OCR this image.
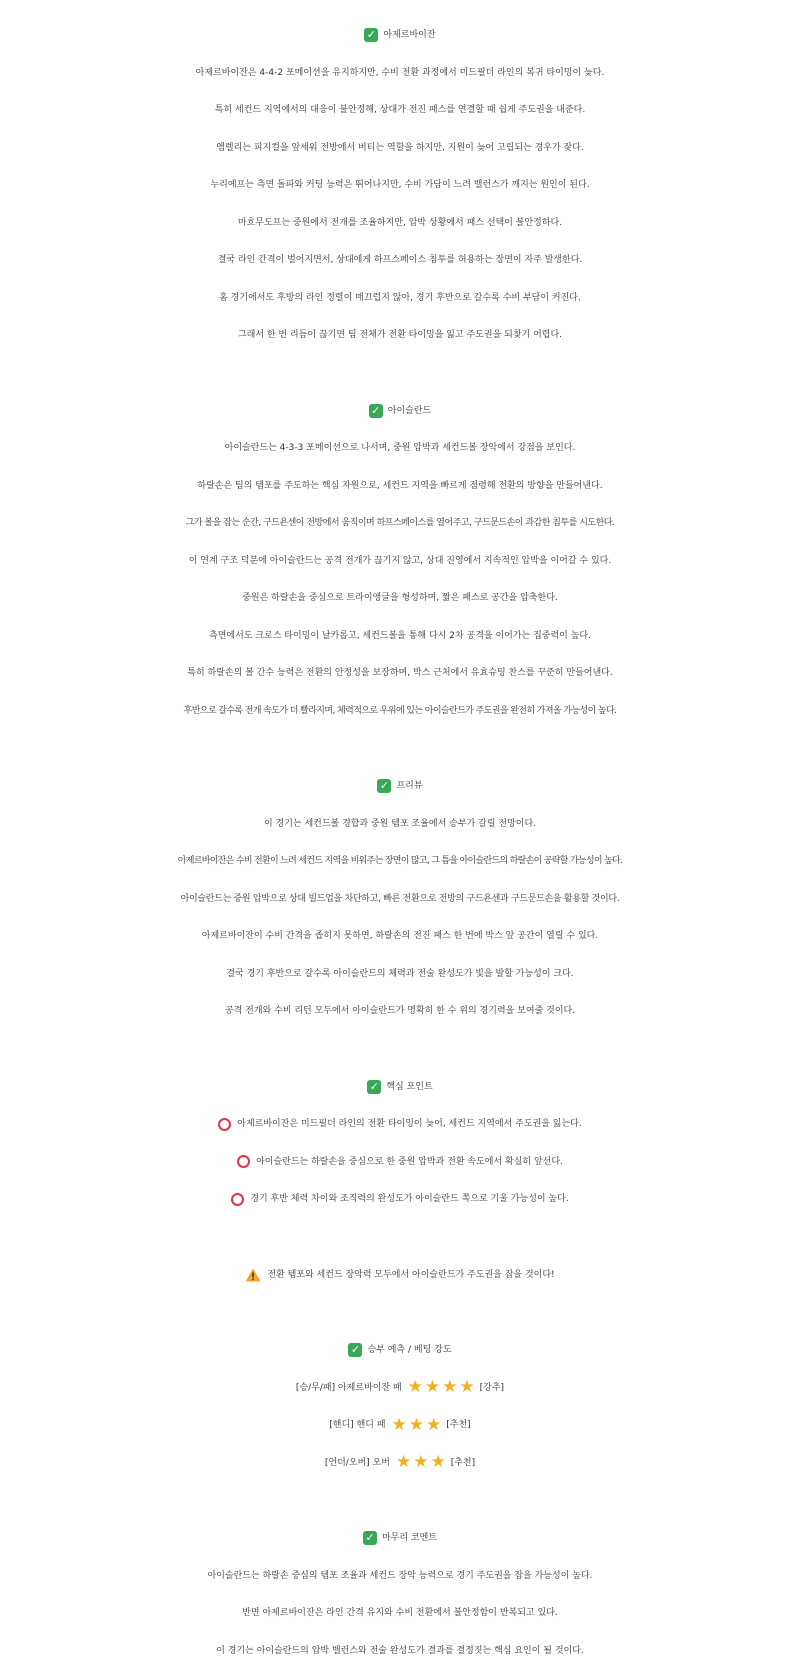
✓ 아제르바이잔
아제르바이잔은 4-4-2 포메이션을 유지하지만, 수비 전환 과정에서 미드필더 라인의 복귀 타이밍이 늦다.
특히 세컨드 지역에서의 대응이 불안정해, 상대가 전진 패스를 연결할 때 쉽게 주도권을 내준다.
엠렐리는 피지컬을 앞세워 전방에서 버티는 역할을 하지만, 지원이 늦어 고립되는 경우가 잦다.
누리예프는 측면 돌파와 커팅 능력은 뛰어나지만, 수비 가담이 느려 밸런스가 깨지는 원인이 된다.
마흐무도프는 중원에서 전개를 조율하지만, 압박 상황에서 패스 선택이 불안정하다.
결국 라인 간격이 벌어지면서, 상대에게 하프스페이스 침투를 허용하는 장면이 자주 발생한다.
홈 경기에서도 후방의 라인 정렬이 매끄럽지 않아, 경기 후반으로 갈수록 수비 부담이 커진다.
그래서 한 번 리듬이 끊기면 팀 전체가 전환 타이밍을 잃고 주도권을 되찾기 어렵다.
✓ 아이슬란드
아이슬란드는 4-3-3 포메이션으로 나서며, 중원 압박과 세컨드볼 장악에서 강점을 보인다.
하랄손은 팀의 템포를 주도하는 핵심 자원으로, 세컨드 지역을 빠르게 점령해 전환의 방향을 만들어낸다.
그가 볼을 잡는 순간, 구드욘센이 전방에서 움직이며 하프스페이스를 열어주고, 구드문드손이 과감한 침투를 시도한다.
이 연계 구조 덕분에 아이슬란드는 공격 전개가 끊기지 않고, 상대 진영에서 지속적인 압박을 이어갈 수 있다.
중원은 하랄손을 중심으로 트라이앵글을 형성하며, 짧은 패스로 공간을 압축한다.
측면에서도 크로스 타이밍이 날카롭고, 세컨드볼을 통해 다시 2차 공격을 이어가는 집중력이 높다.
특히 하랄손의 볼 간수 능력은 전환의 안정성을 보장하며, 박스 근처에서 유효슈팅 찬스를 꾸준히 만들어낸다.
후반으로 갈수록 전개 속도가 더 빨라지며, 체력적으로 우위에 있는 아이슬란드가 주도권을 완전히 가져올 가능성이 높다.
✓ 프리뷰
이 경기는 세컨드볼 경합과 중원 템포 조율에서 승부가 갈릴 전망이다.
아제르바이잔은 수비 전환이 느려 세컨드 지역을 비워주는 장면이 많고, 그 틈을 아이슬란드의 하랄손이 공략할 가능성이 높다.
아이슬란드는 중원 압박으로 상대 빌드업을 차단하고, 빠른 전환으로 전방의 구드욘센과 구드문드손을 활용할 것이다.
아제르바이잔이 수비 간격을 좁히지 못하면, 하랄손의 전진 패스 한 번에 박스 앞 공간이 열릴 수 있다.
결국 경기 후반으로 갈수록 아이슬란드의 체력과 전술 완성도가 빛을 발할 가능성이 크다.
공격 전개와 수비 리턴 모두에서 아이슬란드가 명확히 한 수 위의 경기력을 보여줄 것이다.
✓ 핵심 포인트
아제르바이잔은 미드필더 라인의 전환 타이밍이 늦어, 세컨드 지역에서 주도권을 잃는다.
아이슬란드는 하랄손을 중심으로 한 중원 압박과 전환 속도에서 확실히 앞선다.
경기 후반 체력 차이와 조직력의 완성도가 아이슬란드 쪽으로 기울 가능성이 높다.
전환 템포와 세컨드 장악력 모두에서 아이슬란드가 주도권을 잡을 것이다!
✓ 승부 예측 / 베팅 강도
[승/무/패] 아제르바이잔 패 ★ ★ ★ ★ [강추]
[핸디] 핸디 패 ★ ★ ★ [추천]
[언더/오버] 오버 ★ ★ ★ [추천]
✓ 마무리 코멘트
아이슬란드는 하랄손 중심의 템포 조율과 세컨드 장악 능력으로 경기 주도권을 잡을 가능성이 높다.
반면 아제르바이잔은 라인 간격 유지와 수비 전환에서 불안정함이 반복되고 있다.
이 경기는 아이슬란드의 압박 밸런스와 전술 완성도가 결과를 결정짓는 핵심 요인이 될 것이다.
